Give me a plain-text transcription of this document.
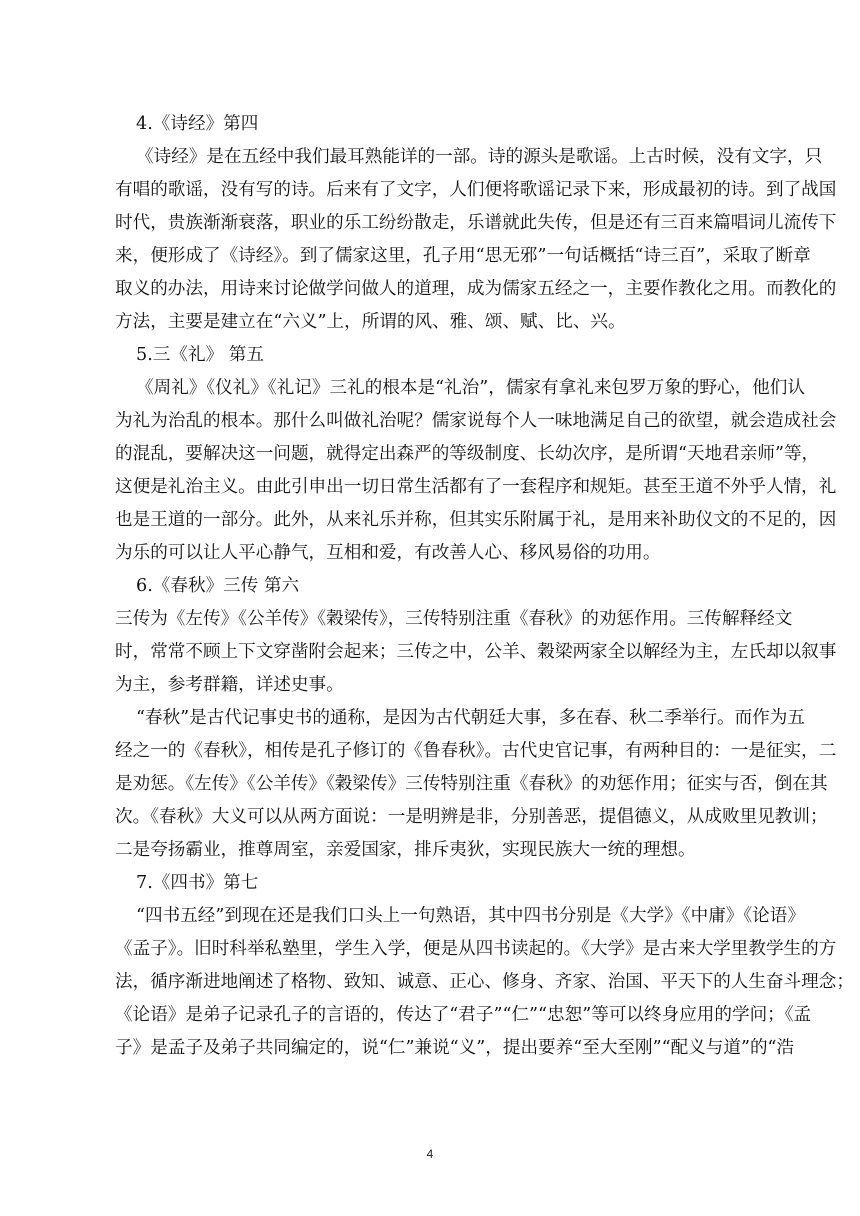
4.《诗经》第四
《诗经》是在五经中我们最耳熟能详的一部。诗的源头是歌谣。上古时候，没有文字，只
有唱的歌谣，没有写的诗。后来有了文字，人们便将歌谣记录下来，形成最初的诗。到了战国
时代，贵族渐渐衰落，职业的乐工纷纷散走，乐谱就此失传，但是还有三百来篇唱词儿流传下
来，便形成了《诗经》。到了儒家这里，孔子用“思无邪”一句话概括“诗三百”，采取了断章
取义的办法，用诗来讨论做学问做人的道理，成为儒家五经之一，主要作教化之用。而教化的
方法，主要是建立在“六义”上，所谓的风、雅、颂、赋、比、兴。
5.三《礼》 第五
《周礼》《仪礼》《礼记》三礼的根本是“礼治”，儒家有拿礼来包罗万象的野心，他们认
为礼为治乱的根本。那什么叫做礼治呢？儒家说每个人一味地满足自己的欲望，就会造成社会
的混乱，要解决这一问题，就得定出森严的等级制度、长幼次序，是所谓“天地君亲师”等，
这便是礼治主义。由此引申出一切日常生活都有了一套程序和规矩。甚至王道不外乎人情，礼
也是王道的一部分。此外，从来礼乐并称，但其实乐附属于礼，是用来补助仪文的不足的，因
为乐的可以让人平心静气，互相和爱，有改善人心、移风易俗的功用。
6.《春秋》三传 第六
三传为《左传》《公羊传》《穀梁传》，三传特别注重《春秋》的劝惩作用。三传解释经文
时，常常不顾上下文穿凿附会起来；三传之中，公羊、穀梁两家全以解经为主，左氏却以叙事
为主，参考群籍，详述史事。
“春秋”是古代记事史书的通称，是因为古代朝廷大事，多在春、秋二季举行。而作为五
经之一的《春秋》，相传是孔子修订的《鲁春秋》。古代史官记事，有两种目的：一是征实，二
是劝惩。《左传》《公羊传》《穀梁传》三传特别注重《春秋》的劝惩作用；征实与否，倒在其
次。《春秋》大义可以从两方面说：一是明辨是非，分别善恶，提倡德义，从成败里见教训；
二是夸扬霸业，推尊周室，亲爱国家，排斥夷狄，实现民族大一统的理想。
7.《四书》第七
“四书五经”到现在还是我们口头上一句熟语，其中四书分别是《大学》《中庸》《论语》
《孟子》。旧时科举私塾里，学生入学，便是从四书读起的。《大学》是古来大学里教学生的方
法，循序渐进地阐述了格物、致知、诚意、正心、修身、齐家、治国、平天下的人生奋斗理念；
《论语》是弟子记录孔子的言语的，传达了“君子”“仁”“忠恕”等可以终身应用的学问；《孟
子》是孟子及弟子共同编定的，说“仁”兼说“义”，提出要养“至大至刚”“配义与道”的“浩
4
